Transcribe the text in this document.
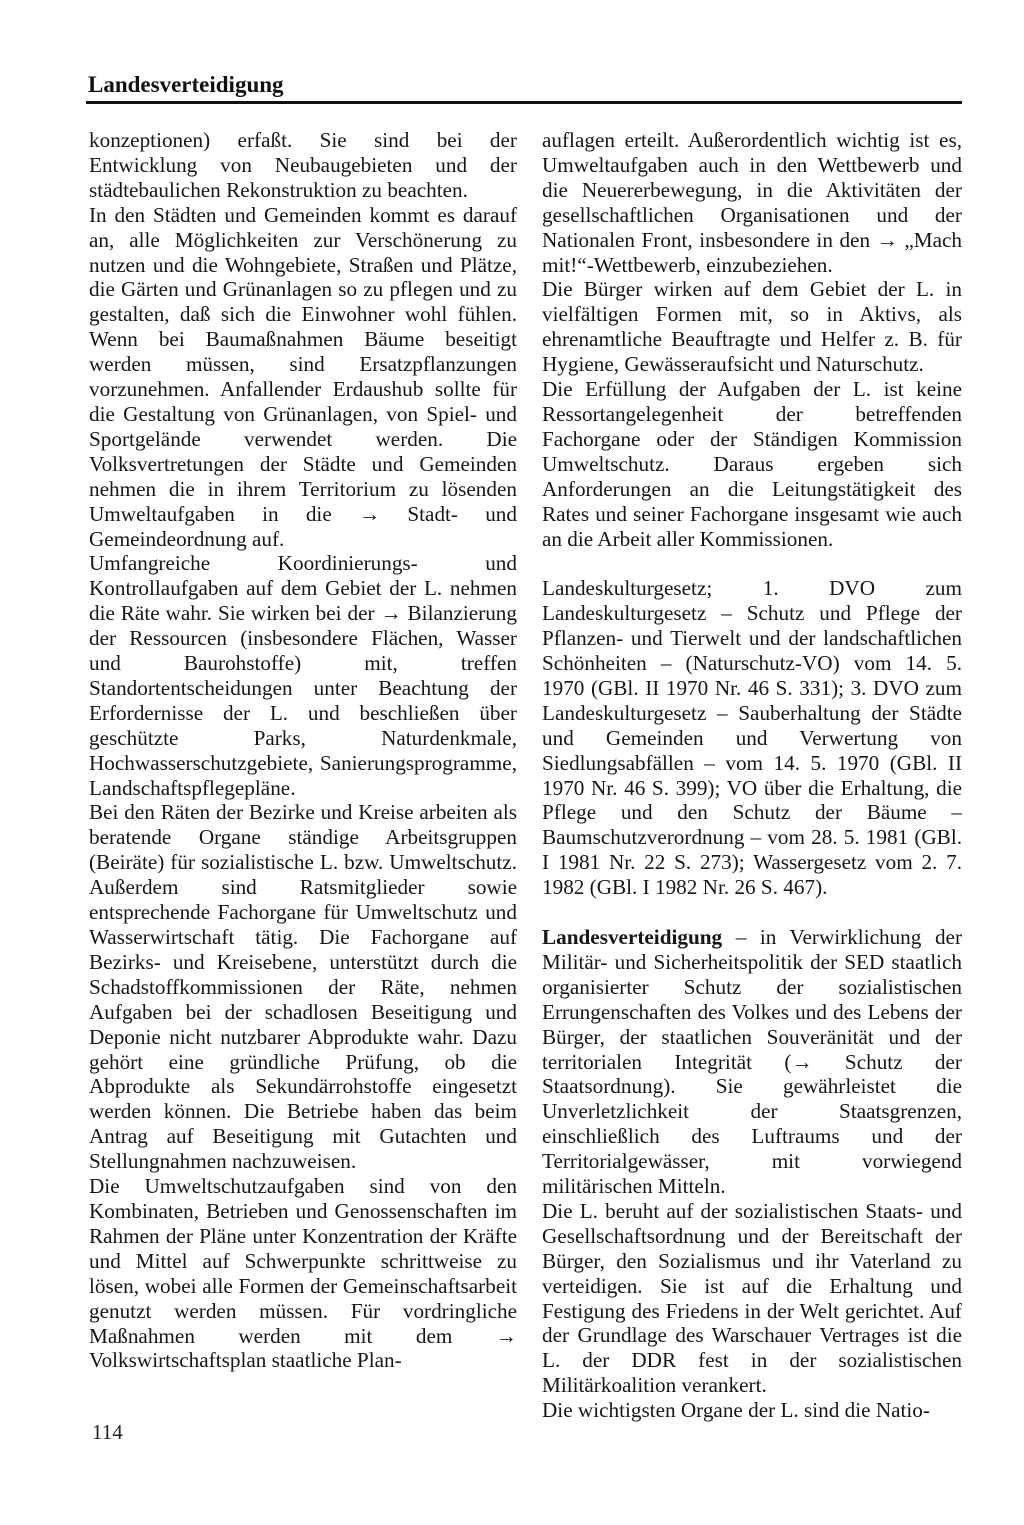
Landesverteidigung

konzeptionen) erfaßt. Sie sind bei der Entwicklung von Neubaugebieten und der städtebaulichen Rekonstruktion zu beachten.

In den Städten und Gemeinden kommt es darauf an, alle Möglichkeiten zur Verschönerung zu nutzen und die Wohngebiete, Straßen und Plätze, die Gärten und Grünanlagen so zu pflegen und zu gestalten, daß sich die Einwohner wohl fühlen. Wenn bei Baumaßnahmen Bäume beseitigt werden müssen, sind Ersatzpflanzungen vorzunehmen. Anfallender Erdaushub sollte für die Gestaltung von Grünanlagen, von Spiel- und Sportgelände verwendet werden. Die Volksvertretungen der Städte und Gemeinden nehmen die in ihrem Territorium zu lösenden Umweltaufgaben in die → Stadt- und Gemeindeordnung auf.

Umfangreiche Koordinierungs- und Kontrollaufgaben auf dem Gebiet der L. nehmen die Räte wahr. Sie wirken bei der → Bilanzierung der Ressourcen (insbesondere Flächen, Wasser und Baurohstoffe) mit, treffen Standortentscheidungen unter Beachtung der Erfordernisse der L. und beschließen über geschützte Parks, Naturdenkmale, Hochwasserschutzgebiete, Sanierungsprogramme, Landschaftspflegepläne.

Bei den Räten der Bezirke und Kreise arbeiten als beratende Organe ständige Arbeitsgruppen (Beiräte) für sozialistische L. bzw. Umweltschutz. Außerdem sind Ratsmitglieder sowie entsprechende Fachorgane für Umweltschutz und Wasserwirtschaft tätig. Die Fachorgane auf Bezirks- und Kreisebene, unterstützt durch die Schadstoffkommissionen der Räte, nehmen Aufgaben bei der schadlosen Beseitigung und Deponie nicht nutzbarer Abprodukte wahr. Dazu gehört eine gründliche Prüfung, ob die Abprodukte als Sekundärrohstoffe eingesetzt werden können. Die Betriebe haben das beim Antrag auf Beseitigung mit Gutachten und Stellungnahmen nachzuweisen.

Die Umweltschutzaufgaben sind von den Kombinaten, Betrieben und Genossenschaften im Rahmen der Pläne unter Konzentration der Kräfte und Mittel auf Schwerpunkte schrittweise zu lösen, wobei alle Formen der Gemeinschaftsarbeit genutzt werden müssen. Für vordringliche Maßnahmen werden mit dem → Volkswirtschaftsplan staatliche Plan-

auflagen erteilt. Außerordentlich wichtig ist es, Umweltaufgaben auch in den Wettbewerb und die Neuererbewegung, in die Aktivitäten der gesellschaftlichen Organisationen und der Nationalen Front, insbesondere in den → „Mach mit!“-Wettbewerb, einzubeziehen.

Die Bürger wirken auf dem Gebiet der L. in vielfältigen Formen mit, so in Aktivs, als ehrenamtliche Beauftragte und Helfer z. B. für Hygiene, Gewässeraufsicht und Naturschutz.

Die Erfüllung der Aufgaben der L. ist keine Ressortangelegenheit der betreffenden Fachorgane oder der Ständigen Kommission Umweltschutz. Daraus ergeben sich Anforderungen an die Leitungstätigkeit des Rates und seiner Fachorgane insgesamt wie auch an die Arbeit aller Kommissionen.

Landeskulturgesetz; 1. DVO zum Landeskulturgesetz – Schutz und Pflege der Pflanzen- und Tierwelt und der landschaftlichen Schönheiten – (Naturschutz-VO) vom 14. 5. 1970 (GBl. II 1970 Nr. 46 S. 331); 3. DVO zum Landeskulturgesetz – Sauberhaltung der Städte und Gemeinden und Verwertung von Siedlungsabfällen – vom 14. 5. 1970 (GBl. II 1970 Nr. 46 S. 399); VO über die Erhaltung, die Pflege und den Schutz der Bäume – Baumschutzverordnung – vom 28. 5. 1981 (GBl. I 1981 Nr. 22 S. 273); Wassergesetz vom 2. 7. 1982 (GBl. I 1982 Nr. 26 S. 467).

Landesverteidigung – in Verwirklichung der Militär- und Sicherheitspolitik der SED staatlich organisierter Schutz der sozialistischen Errungenschaften des Volkes und des Lebens der Bürger, der staatlichen Souveränität und der territorialen Integrität (→ Schutz der Staatsordnung). Sie gewährleistet die Unverletzlichkeit der Staatsgrenzen, einschließlich des Luftraums und der Territorialgewässer, mit vorwiegend militärischen Mitteln.

Die L. beruht auf der sozialistischen Staats- und Gesellschaftsordnung und der Bereitschaft der Bürger, den Sozialismus und ihr Vaterland zu verteidigen. Sie ist auf die Erhaltung und Festigung des Friedens in der Welt gerichtet. Auf der Grundlage des Warschauer Vertrages ist die L. der DDR fest in der sozialistischen Militärkoalition verankert.

Die wichtigsten Organe der L. sind die Natio-

114
